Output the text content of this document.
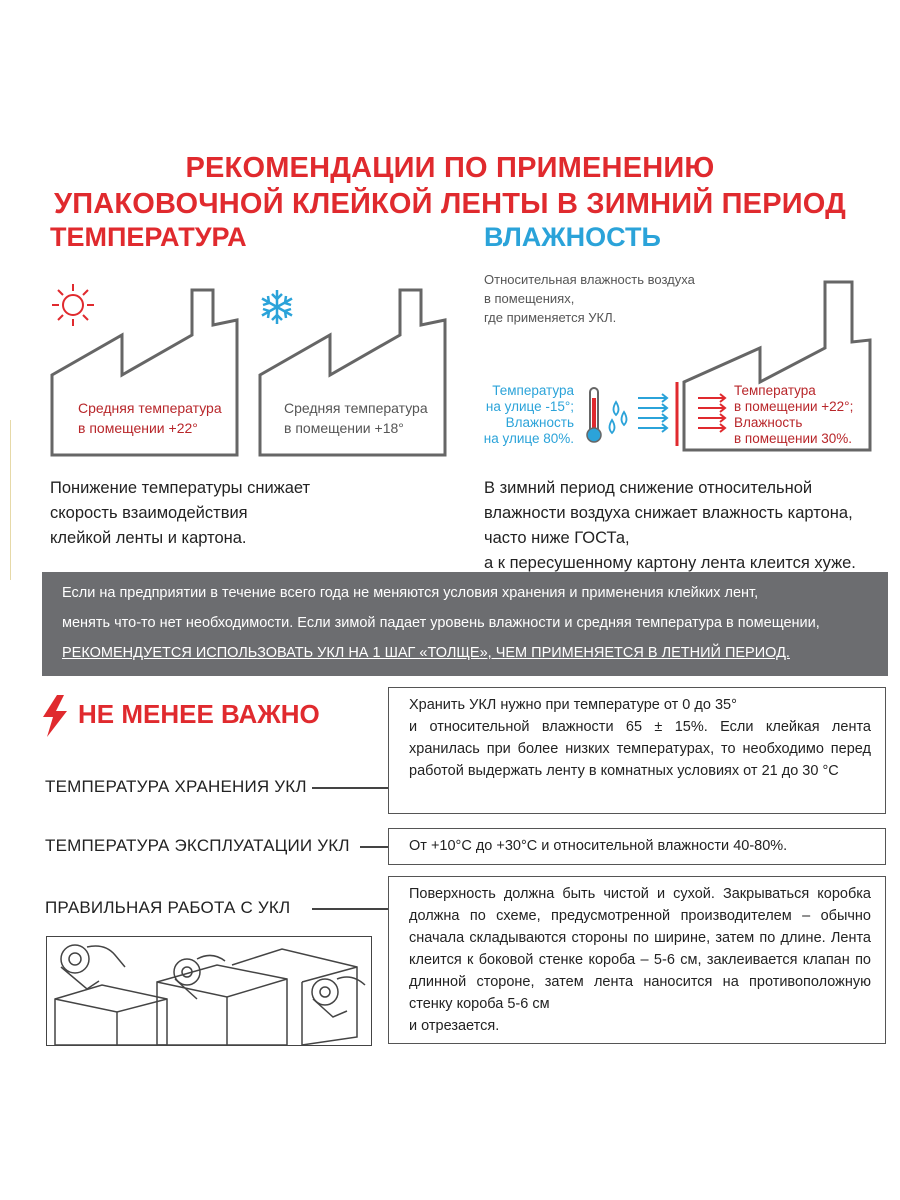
РЕКОМЕНДАЦИИ ПО ПРИМЕНЕНИЮ
УПАКОВОЧНОЙ КЛЕЙКОЙ ЛЕНТЫ В ЗИМНИЙ ПЕРИОД
ТЕМПЕРАТУРА
Средняя температура
в помещении +22°
Средняя температура
в помещении +18°
Понижение температуры снижает
скорость взаимодействия
клейкой ленты и картона.
ВЛАЖНОСТЬ
Относительная влажность воздуха
в помещениях,
где применяется УКЛ.
Температура
на улице -15°;
Влажность
на улице 80%.
Температура
в помещении +22°;
Влажность
в помещении 30%.
В зимний период снижение относительной
влажности воздуха снижает влажность картона,
часто ниже ГОСТа,
а к пересушенному картону лента клеится хуже.
Если на предприятии в течение всего года не меняются условия хранения и применения клейких лент,
менять что-то нет необходимости. Если зимой падает уровень влажности и средняя температура в помещении,
РЕКОМЕНДУЕТСЯ ИСПОЛЬЗОВАТЬ УКЛ НА 1 ШАГ «ТОЛЩЕ», ЧЕМ ПРИМЕНЯЕТСЯ В ЛЕТНИЙ ПЕРИОД.
НЕ МЕНЕЕ ВАЖНО
ТЕМПЕРАТУРА ХРАНЕНИЯ УКЛ
Хранить УКЛ нужно при температуре от 0 до 35°
и относительной влажности 65 ± 15%. Если клейкая лента хранилась при более низких температурах, то необходимо перед работой выдержать ленту в комнатных условиях от 21 до 30 °С
ТЕМПЕРАТУРА ЭКСПЛУАТАЦИИ УКЛ	От +10°С до +30°С и относительной влажности 40-80%.
ПРАВИЛЬНАЯ РАБОТА С УКЛ
Поверхность должна быть чистой и сухой. Закрываться коробка должна по схеме, предусмотренной производителем – обычно сначала складываются стороны по ширине, затем по длине. Лента клеится к боковой стенке короба – 5-6 см, заклеивается клапан по длинной стороне, затем лента наносится на противоположную стенку короба 5-6 см
и отрезается.
